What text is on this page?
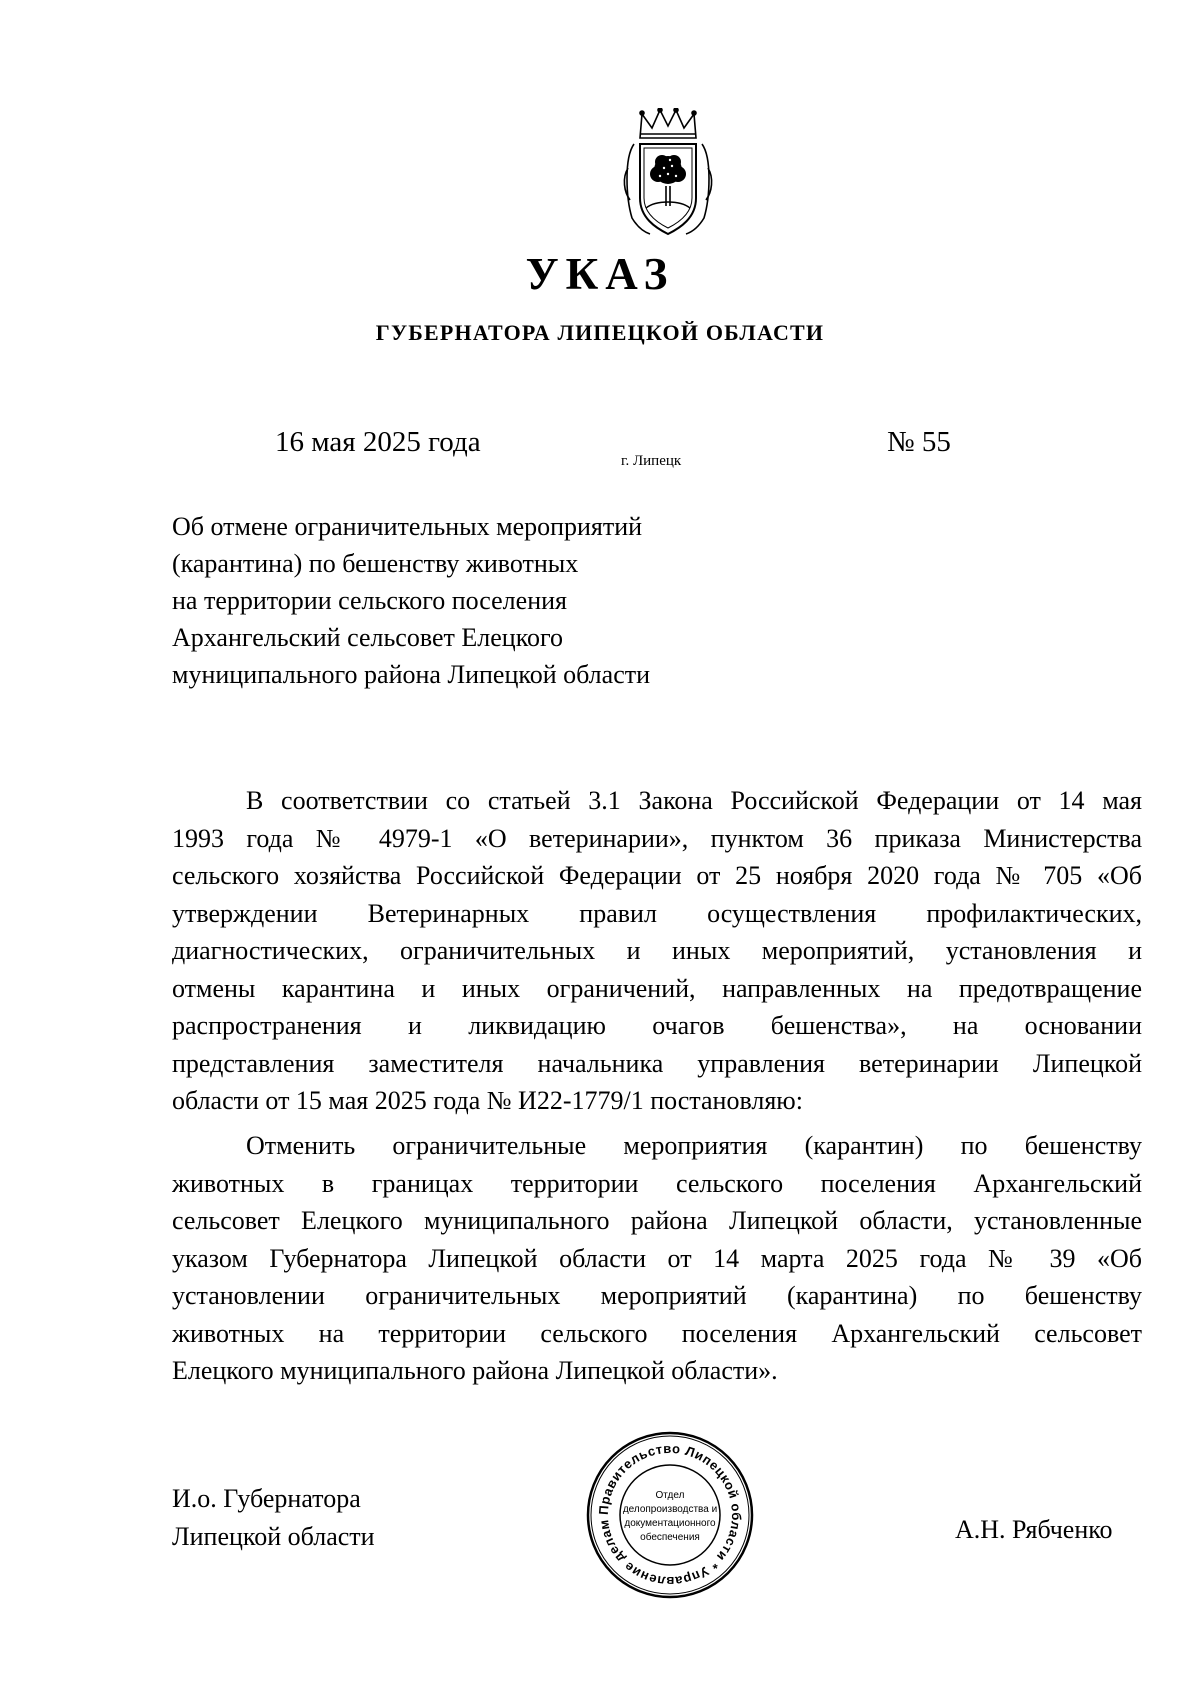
УКАЗ
ГУБЕРНАТОРА ЛИПЕЦКОЙ ОБЛАСТИ
16 мая 2025 года
г. Липецк
№ 55
Об отмене ограничительных мероприятий
(карантина) по бешенству животных
на территории сельского поселения
Архангельский сельсовет Елецкого
муниципального района Липецкой области
В соответствии со статьей 3.1 Закона Российской Федерации от 14 мая
1993 года № 4979-1 «О ветеринарии», пунктом 36 приказа Министерства
сельского хозяйства Российской Федерации от 25 ноября 2020 года № 705 «Об
утверждении Ветеринарных правил осуществления профилактических,
диагностических, ограничительных и иных мероприятий, установления и
отмены карантина и иных ограничений, направленных на предотвращение
распространения и ликвидацию очагов бешенства», на основании
представления заместителя начальника управления ветеринарии Липецкой
области от 15 мая 2025 года № И22-1779/1 постановляю:
Отменить ограничительные мероприятия (карантин) по бешенству
животных в границах территории сельского поселения Архангельский
сельсовет Елецкого муниципального района Липецкой области, установленные
указом Губернатора Липецкой области от 14 марта 2025 года № 39 «Об
установлении ограничительных мероприятий (карантина) по бешенству
животных на территории сельского поселения Архангельский сельсовет
Елецкого муниципального района Липецкой области».
И.о. Губернатора
Липецкой области	А.Н. Рябченко
Правительство Липецкой области * Управление делам
Отдел
делопроизводства и
документационного
обеспечения
